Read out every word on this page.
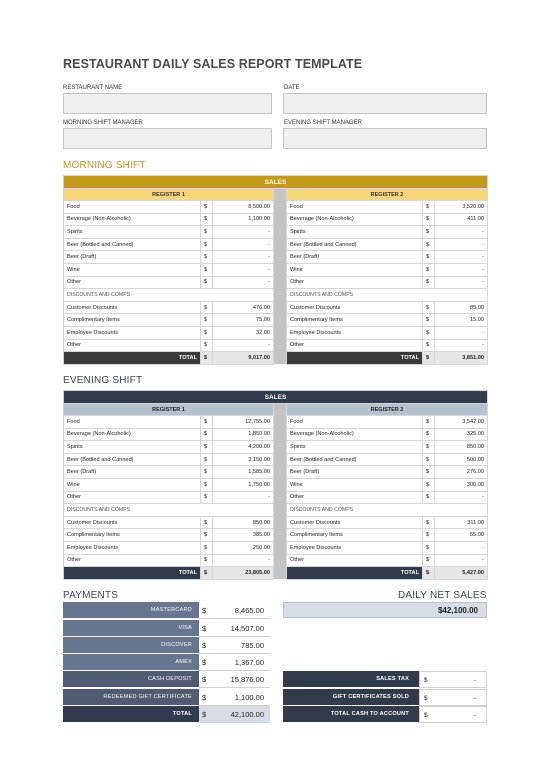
RESTAURANT DAILY SALES REPORT TEMPLATE
RESTAURANT NAME	DATE
MORNING SHIFT MANAGER	EVENING SHIFT MANAGER
MORNING SHIFT
SALES						
REGISTER 1				REGISTER 2		
Food	$	8,500.00		Food	$	3,520.00
Beverage (Non-Alcoholic)	$	1,100.00		Beverage (Non-Alcoholic)	$	411.00
Spirits	$	-		Spirits	$	-
Beer (Bottled and Canned)	$	-		Beer (Bottled and Canned)	$	-
Beer (Draft)	$	-		Beer (Draft)	$	-
Wine	$	-		Wine	$	-
Other	$	-		Other	$	-
DISCOUNTS AND COMPS				DISCOUNTS AND COMPS		
Customer Discounts	$	476.00		Customer Discounts	$	85.00
Complimentary Items	$	75.00		Complimentary Items	$	15.00
Employee Discounts	$	32.00		Employee Discounts	$	-
Other	$	-		Other	$	-
TOTAL	$	9,017.00		TOTAL	$	3,851.00
EVENING SHIFT
SALES						
REGISTER 1				REGISTER 2		
Food	$	12,755.00		Food	$	3,542.00
Beverage (Non-Alcoholic)	$	1,850.00		Beverage (Non-Alcoholic)	$	325.00
Spirits	$	4,200.00		Spirits	$	850.00
Beer (Bottled and Canned)	$	3,150.00		Beer (Bottled and Canned)	$	500.00
Beer (Draft)	$	1,585.00		Beer (Draft)	$	276.00
Wine	$	1,750.00		Wine	$	300.00
Other	$	-		Other	$	-
DISCOUNTS AND COMPS				DISCOUNTS AND COMPS		
Customer Discounts	$	850.00		Customer Discounts	$	311.00
Complimentary Items	$	385.00		Complimentary Items	$	55.00
Employee Discounts	$	250.00		Employee Discounts	$	-
Other	$	-		Other	$	-
TOTAL	$	23,805.00		TOTAL	$	5,427.00
PAYMENTS
MASTERCARD	$	8,465.00
VISA	$	14,507.00
DISCOVER	$	785.00
AMEX	$	1,367.00
CASH DEPOSIT	$	15,876.00
REDEEMED GIFT CERTIFICATE	$	1,100.00
TOTAL	$	42,100.00
DAILY NET SALES
$42,100.00
SALES TAX	$	-
GIFT CERTIFICATES SOLD	$	-
TOTAL CASH TO ACCOUNT	$	-
